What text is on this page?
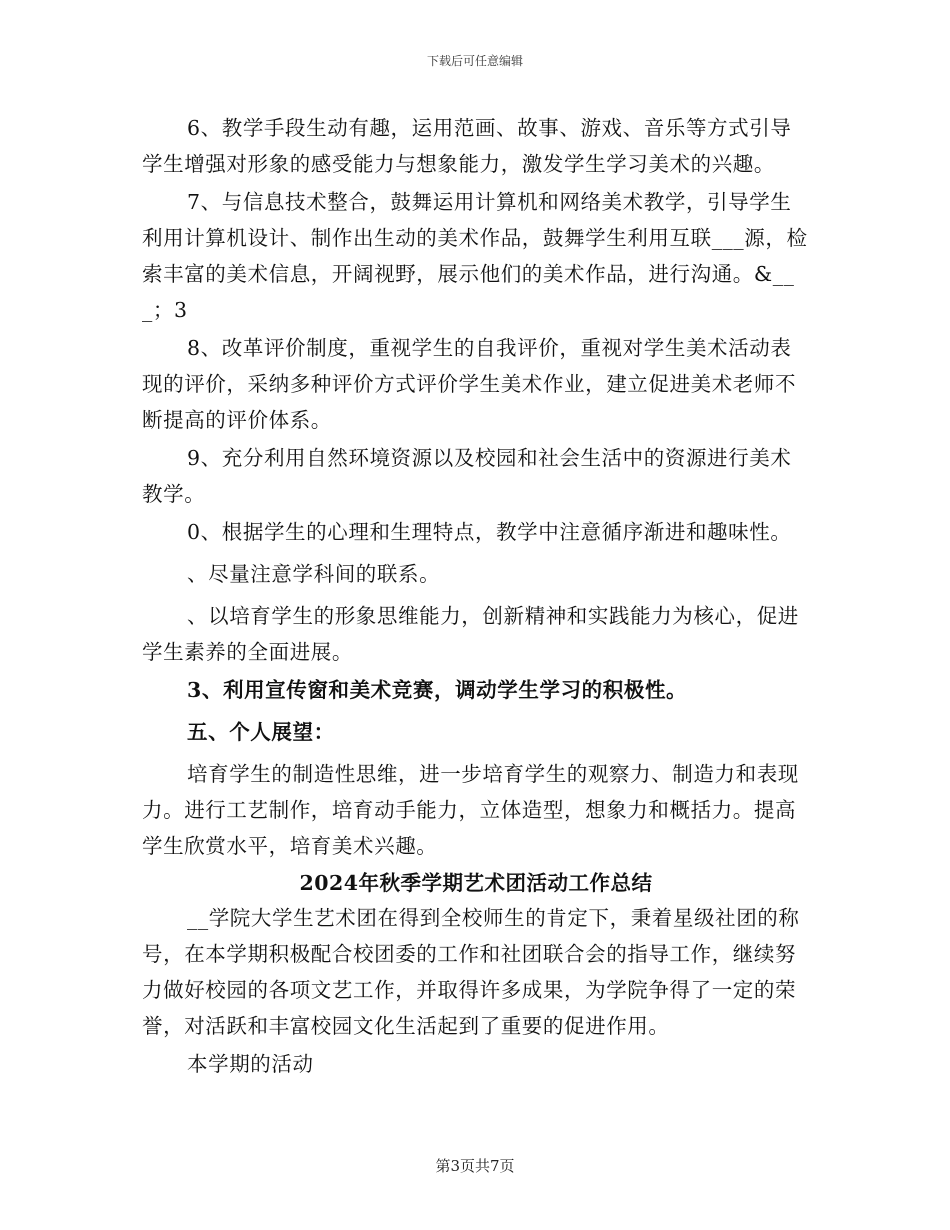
下载后可任意编辑

6、教学手段生动有趣，运用范画、故事、游戏、音乐等方式引导学生增强对形象的感受能力与想象能力，激发学生学习美术的兴趣。

7、与信息技术整合，鼓舞运用计算机和网络美术教学，引导学生利用计算机设计、制作出生动的美术作品，鼓舞学生利用互联___源，检索丰富的美术信息，开阔视野，展示他们的美术作品，进行沟通。&___；3

8、改革评价制度，重视学生的自我评价，重视对学生美术活动表现的评价，采纳多种评价方式评价学生美术作业，建立促进美术老师不断提高的评价体系。

9、充分利用自然环境资源以及校园和社会生活中的资源进行美术教学。

0、根据学生的心理和生理特点，教学中注意循序渐进和趣味性。

、尽量注意学科间的联系。

、以培育学生的形象思维能力，创新精神和实践能力为核心，促进学生素养的全面进展。

3、利用宣传窗和美术竞赛，调动学生学习的积极性。

五、个人展望：

培育学生的制造性思维，进一步培育学生的观察力、制造力和表现力。进行工艺制作，培育动手能力，立体造型，想象力和概括力。提高学生欣赏水平，培育美术兴趣。

2024年秋季学期艺术团活动工作总结

__学院大学生艺术团在得到全校师生的肯定下，秉着星级社团的称号，在本学期积极配合校团委的工作和社团联合会的指导工作，继续努力做好校园的各项文艺工作，并取得许多成果，为学院争得了一定的荣誉，对活跃和丰富校园文化生活起到了重要的促进作用。

本学期的活动

第3页共7页
